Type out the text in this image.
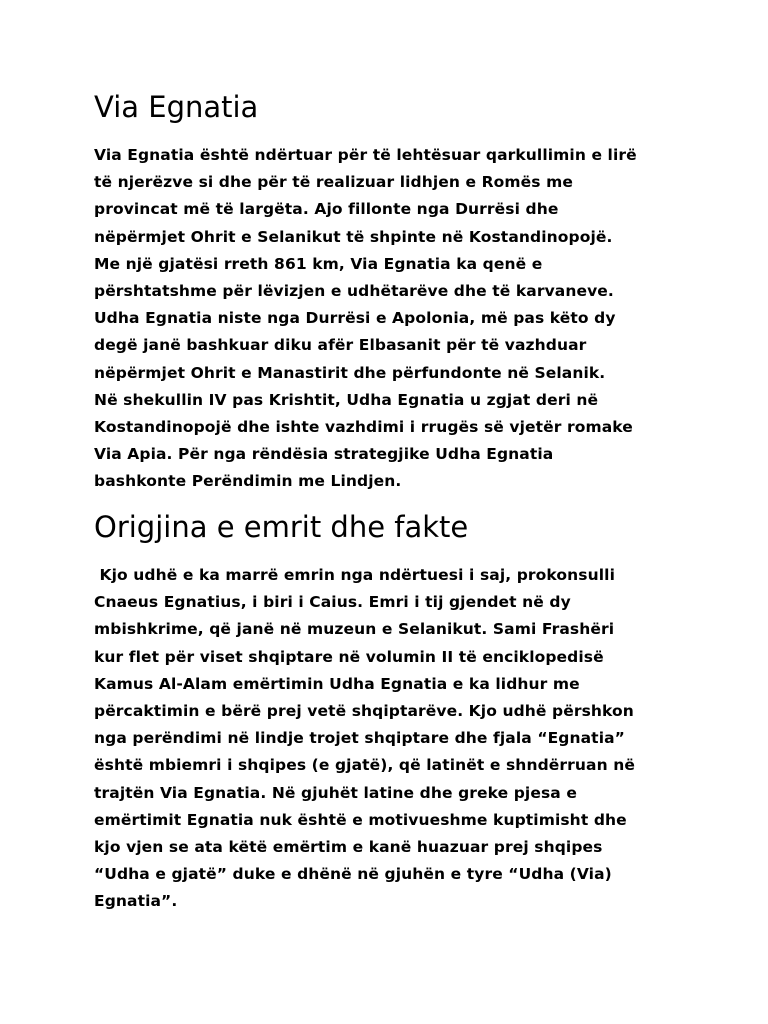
Via Egnatia
Via Egnatia është ndërtuar për të lehtësuar qarkullimin e lirë
të njerëzve si dhe për të realizuar lidhjen e Romës me
provincat më të largëta. Ajo fillonte nga Durrësi dhe
nëpërmjet Ohrit e Selanikut të shpinte në Kostandinopojë.
Me një gjatësi rreth 861 km, Via Egnatia ka qenë e
përshtatshme për lëvizjen e udhëtarëve dhe të karvaneve.
Udha Egnatia niste nga Durrësi e Apolonia, më pas këto dy
degë janë bashkuar diku afër Elbasanit për të vazhduar
nëpërmjet Ohrit e Manastirit dhe përfundonte në Selanik.
Në shekullin IV pas Krishtit, Udha Egnatia u zgjat deri në
Kostandinopojë dhe ishte vazhdimi i rrugës së vjetër romake
Via Apia. Për nga rëndësia strategjike Udha Egnatia
bashkonte Perëndimin me Lindjen.
Origjina e emrit dhe fakte
Kjo udhë e ka marrë emrin nga ndërtuesi i saj, prokonsulli
Cnaeus Egnatius, i biri i Caius. Emri i tij gjendet në dy
mbishkrime, që janë në muzeun e Selanikut. Sami Frashëri
kur flet për viset shqiptare në volumin II të enciklopedisë
Kamus Al-Alam emërtimin Udha Egnatia e ka lidhur me
përcaktimin e bërë prej vetë shqiptarëve. Kjo udhë përshkon
nga perëndimi në lindje trojet shqiptare dhe fjala “Egnatia”
është mbiemri i shqipes (e gjatë), që latinët e shndërruan në
trajtën Via Egnatia. Në gjuhët latine dhe greke pjesa e
emërtimit Egnatia nuk është e motivueshme kuptimisht dhe
kjo vjen se ata këtë emërtim e kanë huazuar prej shqipes
“Udha e gjatë” duke e dhënë në gjuhën e tyre “Udha (Via)
Egnatia”.
